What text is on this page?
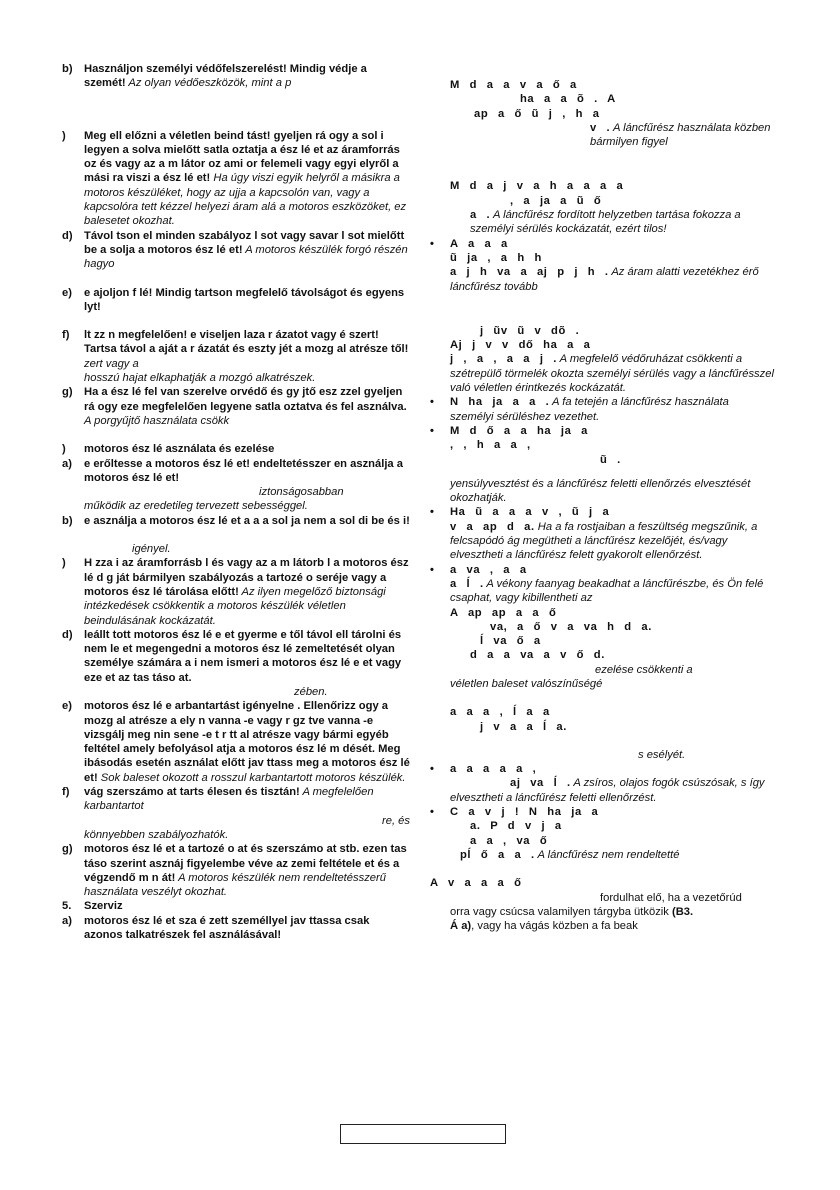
b)	Használjon személyi védőfelszerelést! Mindig védje a szemét! Az olyan védőeszközök, mint a p
)	Meg ell előzni a véletlen beind tást! gyeljen rá ogy a sol i legyen a solva mielőtt satla oztatja a ész lé et az áramforrás oz és vagy az a m látor oz ami or felemeli vagy egyi elyről a mási ra viszi a ész lé et! Ha úgy viszi egyik helyről a másikra a motoros készüléket, hogy az ujja a kapcsolón van, vagy a kapcsolóra tett kézzel helyezi áram alá a motoros eszközöket, ez balesetet okozhat.
d)	Távol tson el minden szabályoz l sot vagy savar l sot mielőtt be a solja a motoros ész lé et! A motoros készülék forgó részén hagyo
e)	e ajoljon f lé! Mindig tartson megfelelő távolságot és egyens lyt!
f)	lt zz n megfelelően! e viseljen laza r ázatot vagy é szert! Tartsa távol a aját a r ázatát és eszty jét a mozg al atrésze től! zert vagy a
hosszú hajat elkaphatják a mozgó alkatrészek.
g)	Ha a ész lé fel van szerelve orvédő és gy jtő esz zzel gyeljen rá ogy eze megfelelően legyene satla oztatva és fel asználva. A porgyűjtő használata csökk
)	motoros ész lé asználata és ezelése
a)	e erőltesse a motoros ész lé et! endeltetésszer en asználja a motoros ész lé et!
iztonságosabban
működik az eredetileg tervezett sebességgel.
b)	e asználja a motoros ész lé et a a a sol ja nem a sol di be és i!
igényel.
)	H zza i az áramforrásb l és vagy az a m látorb l a motoros ész lé d g ját bármilyen szabályozás a tartozé o seréje vagy a motoros ész lé tárolása előtt! Az ilyen megelőző biztonsági intézkedések csökkentik a motoros készülék véletlen beindulásának kockázatát.
d)	leállt tott motoros ész lé e et gyerme e től távol ell tárolni és nem le et megengedni a motoros ész lé zemeltetését olyan személye számára a i nem ismeri a motoros ész lé e et vagy eze et az tas táso at.
zében.
e)	motoros ész lé e arbantartást igényelne . Ellenőrizz ogy a mozg al atrésze a ely n vanna -e vagy r gz tve vanna -e vizsgálj meg nin sene -e t r tt al atrésze vagy bármi egyéb feltétel amely befolyásol atja a motoros ész lé m dését. Meg ibásodás esetén asználat előtt jav ttass meg a motoros ész lé et! Sok baleset okozott a rosszul karbantartott motoros készülék.
f)	vág szerszámo at tarts élesen és tisztán! A megfelelően karbantartot
re, és
könnyebben szabályozhatók.
g)	motoros ész lé et a tartozé o at és szerszámo at stb. ezen tas táso szerint asznáj figyelembe véve az zemi feltétele et és a végzendő m n át! A motoros készülék nem rendeltetésszerű használata veszélyt okozhat.
5.	Szerviz
a)	motoros ész lé et sza é zett személlyel jav ttassa csak azonos talkatrészek fel asználásával!
M d a a v a ő a
ha a a õ . A
ap a ő ũ j , h a
v . A láncfűrész használata közben bármilyen figyel
M d a j v a h a a a a
, a ja a ũ ő
a . A láncfűrész fordított helyzetben tartása fokozza a személyi sérülés kockázatát, ezért tilos!
•	A a a a
ũ ja , a h h
a j h va a aj p j h . Az áram alatti vezetékhez érő láncfűrész tovább
j ũv ũ v dõ .
Aj j v v dő ha a a
j , a , a a j . A megfelelő védőruházat csökkenti a szétrepülő törmelék okozta személyi sérülés vagy a láncfűrésszel való véletlen érintkezés kockázatát.
•	N ha ja a a . A fa tetején a láncfűrész használata személyi sérüléshez vezethet.
•	M d ő a a ha ja a
, , h a a ,
ũ .
yensúlyvesztést és a láncfűrész feletti ellenőrzés elvesztését okozhatják.
•	Ha ũ a a a v , ũ j a
v a ap d a. Ha a fa rostjaiban a feszültség megszűnik, a felcsapódó ág megütheti a láncfűrész kezelőjét, és/vagy elvesztheti a láncfűrész felett gyakorolt ellenőrzést.
•	a va , a a
a ĺ . A vékony faanyag beakadhat a láncfűrészbe, és Ön felé csaphat, vagy kibillentheti az
A ap ap a a ő
va, a ő v a va h d a.
ĺ va ő a
d a a va a v ő d.
ezelése csökkenti a
véletlen baleset valószínűségé
a a a , ĺ a a
j v a a ĺ a.
s esélyét.
•	a a a a a ,
aj va ĺ . A zsíros, olajos fogók csúszósak, s így elvesztheti a láncfűrész feletti ellenőrzést.
•	C a v j ! N ha ja a
a. P d v j a
a a , va ő
pĺ ő a a . A láncfűrész nem rendeltetté
A v a a a ő
fordulhat elő, ha a vezetőrúd
orra vagy csúcsa valamilyen tárgyba ütközik (B3.
Á a), vagy ha vágás közben a fa beak
